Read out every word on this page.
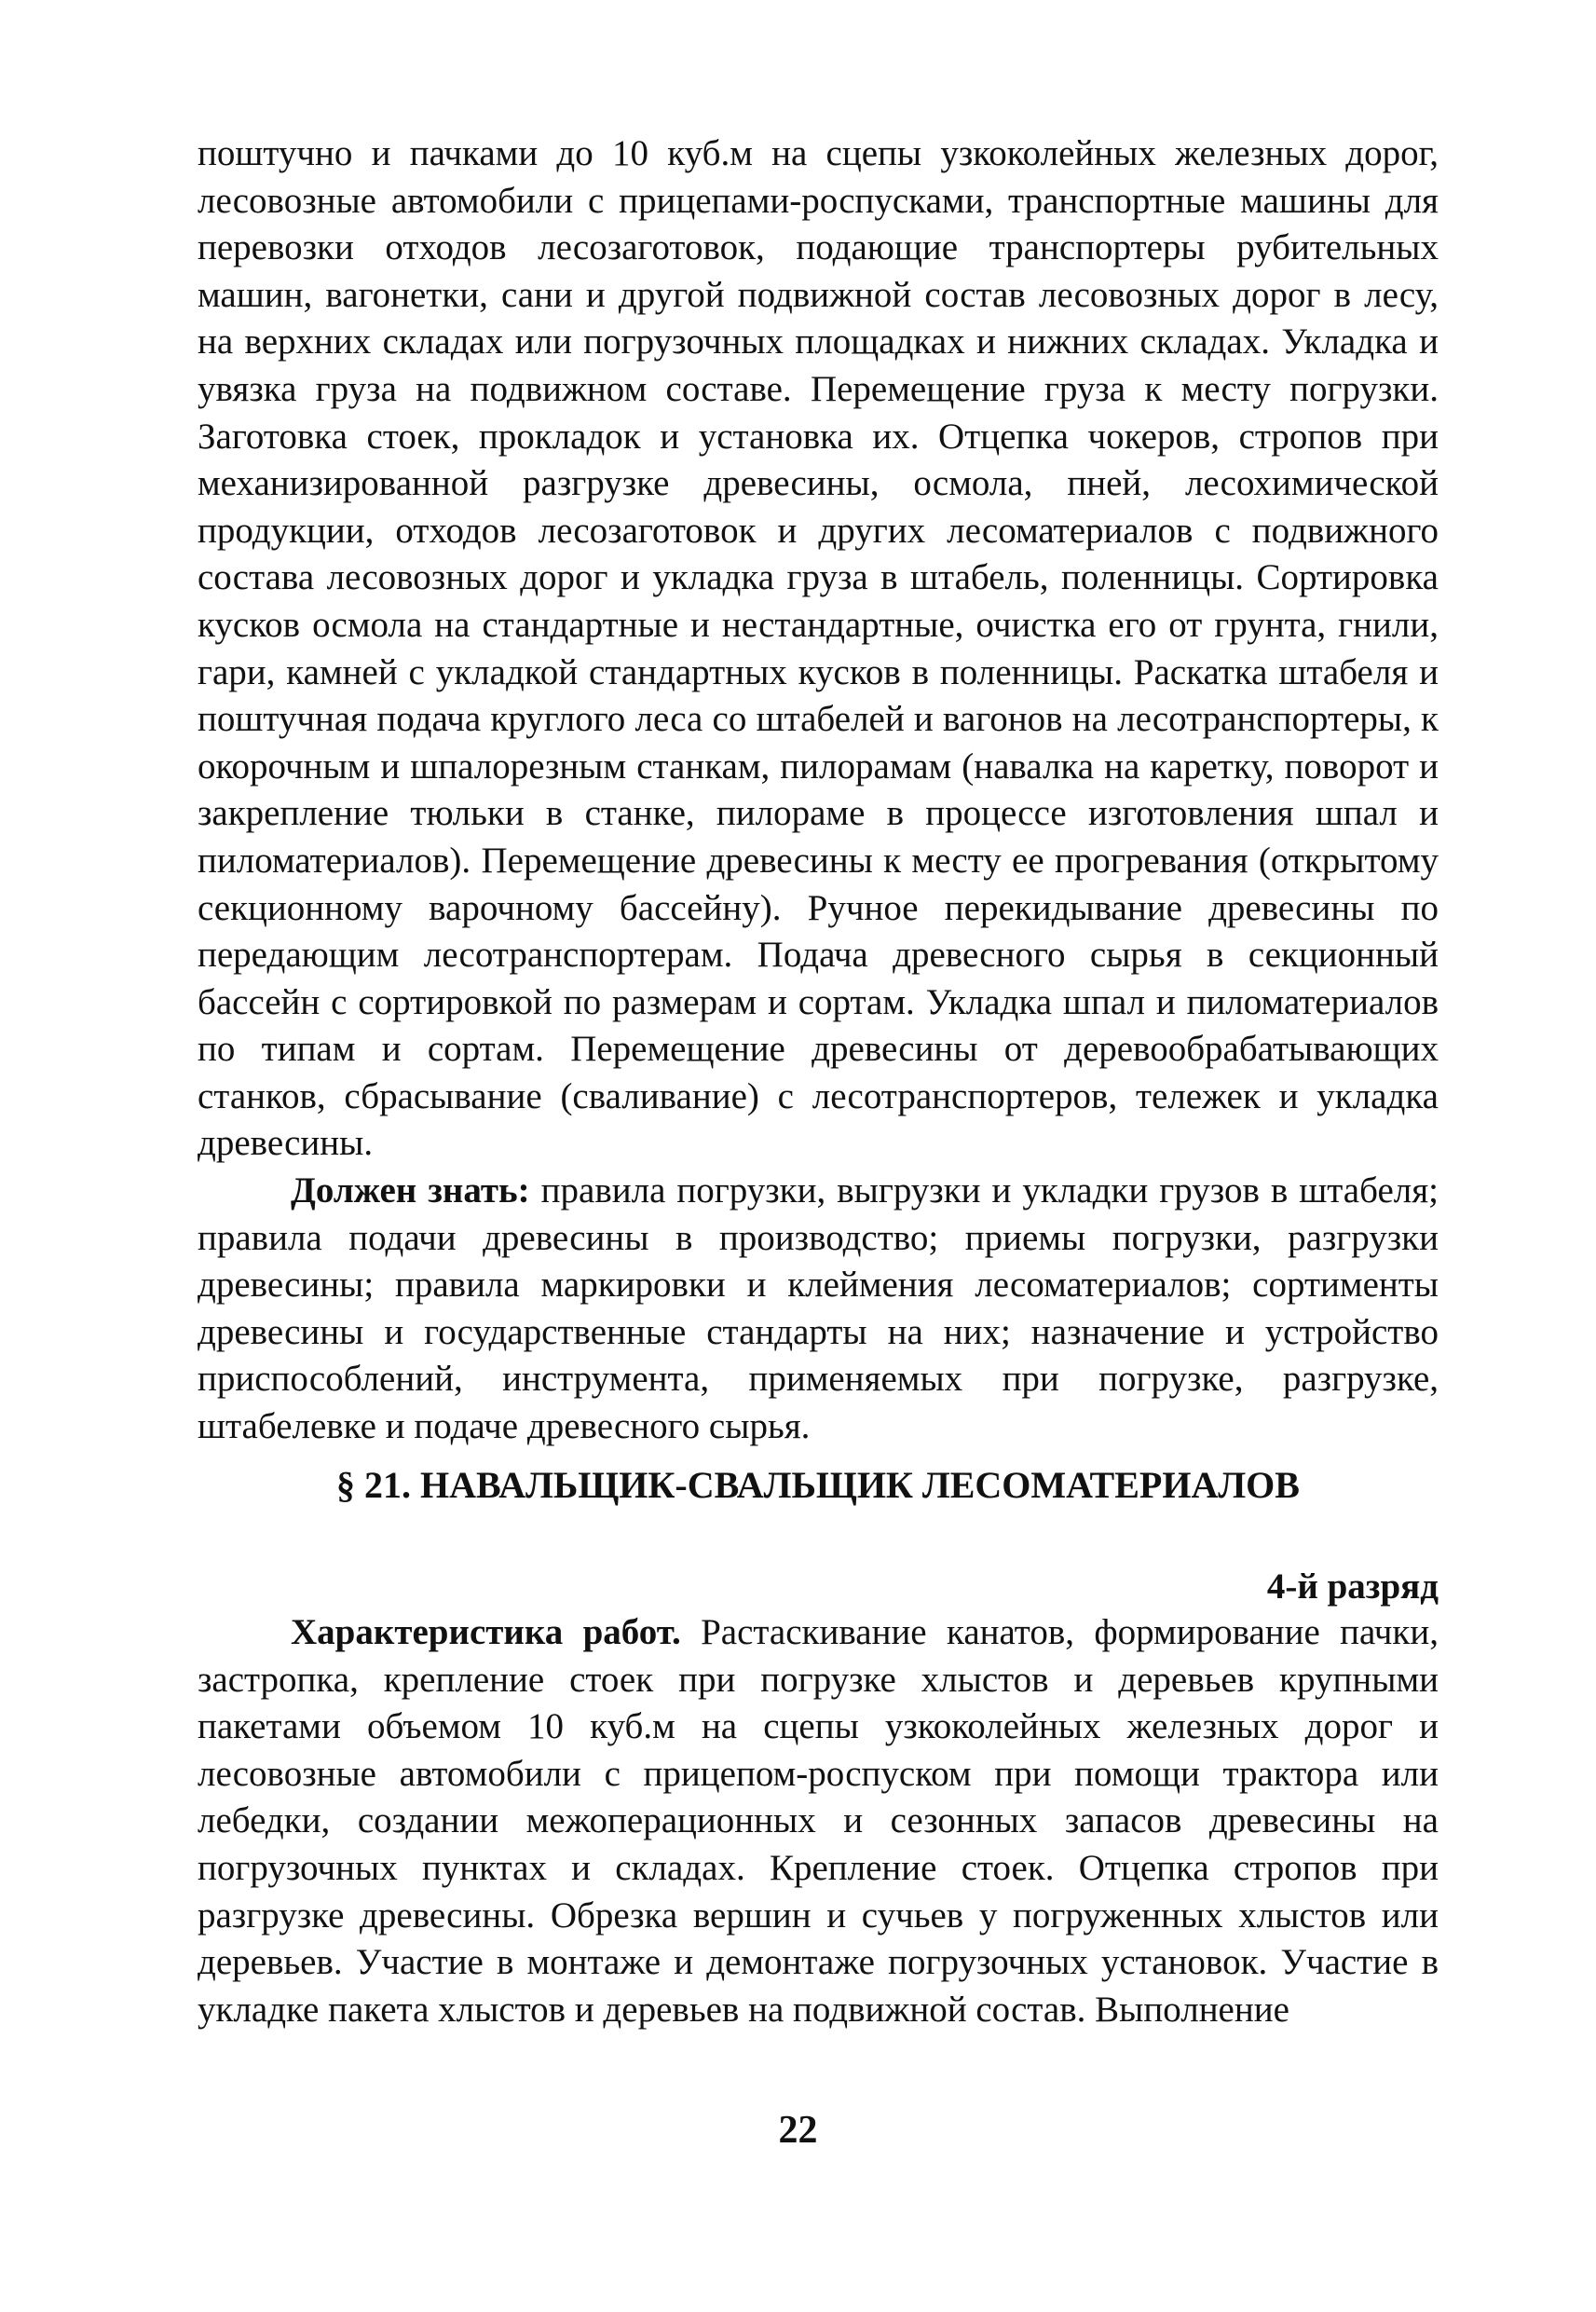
поштучно и пачками до 10 куб.м на сцепы узкоколейных железных дорог, лесовозные автомобили с прицепами-роспусками, транспортные машины для перевозки отходов лесозаготовок, подающие транспортеры рубительных машин, вагонетки, сани и другой подвижной состав лесовозных дорог в лесу, на верхних складах или погрузочных площадках и нижних складах. Укладка и увязка груза на подвижном составе. Перемещение груза к месту погрузки. Заготовка стоек, прокладок и установка их. Отцепка чокеров, стропов при механизированной разгрузке древесины, осмола, пней, лесохимической продукции, отходов лесозаготовок и других лесоматериалов с подвижного состава лесовозных дорог и укладка груза в штабель, поленницы. Сортировка кусков осмола на стандартные и нестандартные, очистка его от грунта, гнили, гари, камней с укладкой стандартных кусков в поленницы. Раскатка штабеля и поштучная подача круглого леса со штабелей и вагонов на лесотранспортеры, к окорочным и шпалорезным станкам, пилорамам (навалка на каретку, поворот и закрепление тюльки в станке, пилораме в процессе изготовления шпал и пиломатериалов). Перемещение древесины к месту ее прогревания (открытому секционному варочному бассейну). Ручное перекидывание древесины по передающим лесотранспортерам. Подача древесного сырья в секционный бассейн с сортировкой по размерам и сортам. Укладка шпал и пиломатериалов по типам и сортам. Перемещение древесины от деревообрабатывающих станков, сбрасывание (сваливание) с лесотранспортеров, тележек и укладка древесины.

Должен знать: правила погрузки, выгрузки и укладки грузов в штабеля; правила подачи древесины в производство; приемы погрузки, разгрузки древесины; правила маркировки и клеймения лесоматериалов; сортименты древесины и государственные стандарты на них; назначение и устройство приспособлений, инструмента, применяемых при погрузке, разгрузке, штабелевке и подаче древесного сырья.

§ 21. НАВАЛЬЩИК-СВАЛЬЩИК ЛЕСОМАТЕРИАЛОВ
4-й разряд

Характеристика работ. Растаскивание канатов, формирование пачки, застропка, крепление стоек при погрузке хлыстов и деревьев крупными пакетами объемом 10 куб.м на сцепы узкоколейных железных дорог и лесовозные автомобили с прицепом-роспуском при помощи трактора или лебедки, создании межоперационных и сезонных запасов древесины на погрузочных пунктах и складах. Крепление стоек. Отцепка стропов при разгрузке древесины. Обрезка вершин и сучьев у погруженных хлыстов или деревьев. Участие в монтаже и демонтаже погрузочных установок. Участие в укладке пакета хлыстов и деревьев на подвижной состав. Выполнение

22
